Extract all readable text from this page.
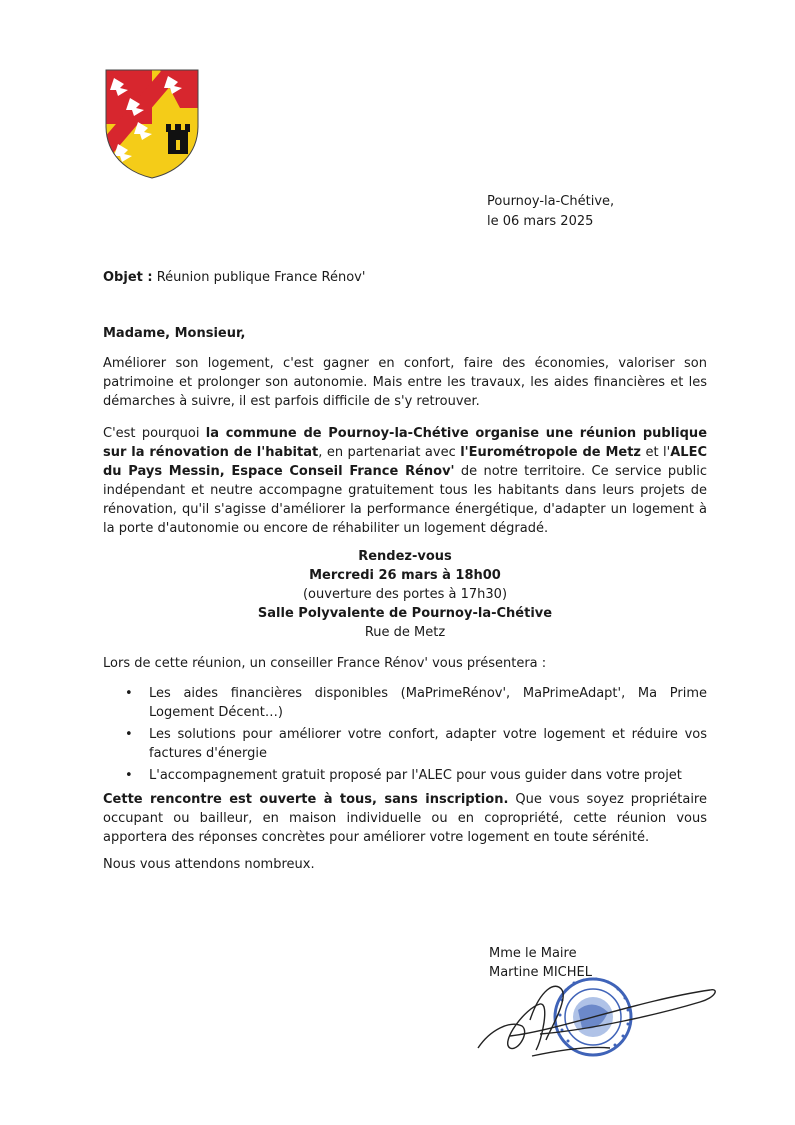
Pournoy-la-Chétive,
le 06 mars 2025
Objet : Réunion publique France Rénov'
Madame, Monsieur,
Améliorer son logement, c'est gagner en confort, faire des économies, valoriser son patrimoine et prolonger son autonomie. Mais entre les travaux, les aides financières et les démarches à suivre, il est parfois difficile de s'y retrouver.
C'est pourquoi la commune de Pournoy-la-Chétive organise une réunion publique sur la rénovation de l'habitat, en partenariat avec l'Eurométropole de Metz et l'ALEC du Pays Messin, Espace Conseil France Rénov' de notre territoire. Ce service public indépendant et neutre accompagne gratuitement tous les habitants dans leurs projets de rénovation, qu'il s'agisse d'améliorer la performance énergétique, d'adapter un logement à la porte d'autonomie ou encore de réhabiliter un logement dégradé.
Rendez-vous
Mercredi 26 mars à 18h00
(ouverture des portes à 17h30)
Salle Polyvalente de Pournoy-la-Chétive
Rue de Metz
Lors de cette réunion, un conseiller France Rénov' vous présentera :
• Les aides financières disponibles (MaPrimeRénov', MaPrimeAdapt', Ma Prime Logement Décent…)
• Les solutions pour améliorer votre confort, adapter votre logement et réduire vos factures d'énergie
• L'accompagnement gratuit proposé par l'ALEC pour vous guider dans votre projet
Cette rencontre est ouverte à tous, sans inscription. Que vous soyez propriétaire occupant ou bailleur, en maison individuelle ou en copropriété, cette réunion vous apportera des réponses concrètes pour améliorer votre logement en toute sérénité.
Nous vous attendons nombreux.
Mme le Maire
Martine MICHEL
